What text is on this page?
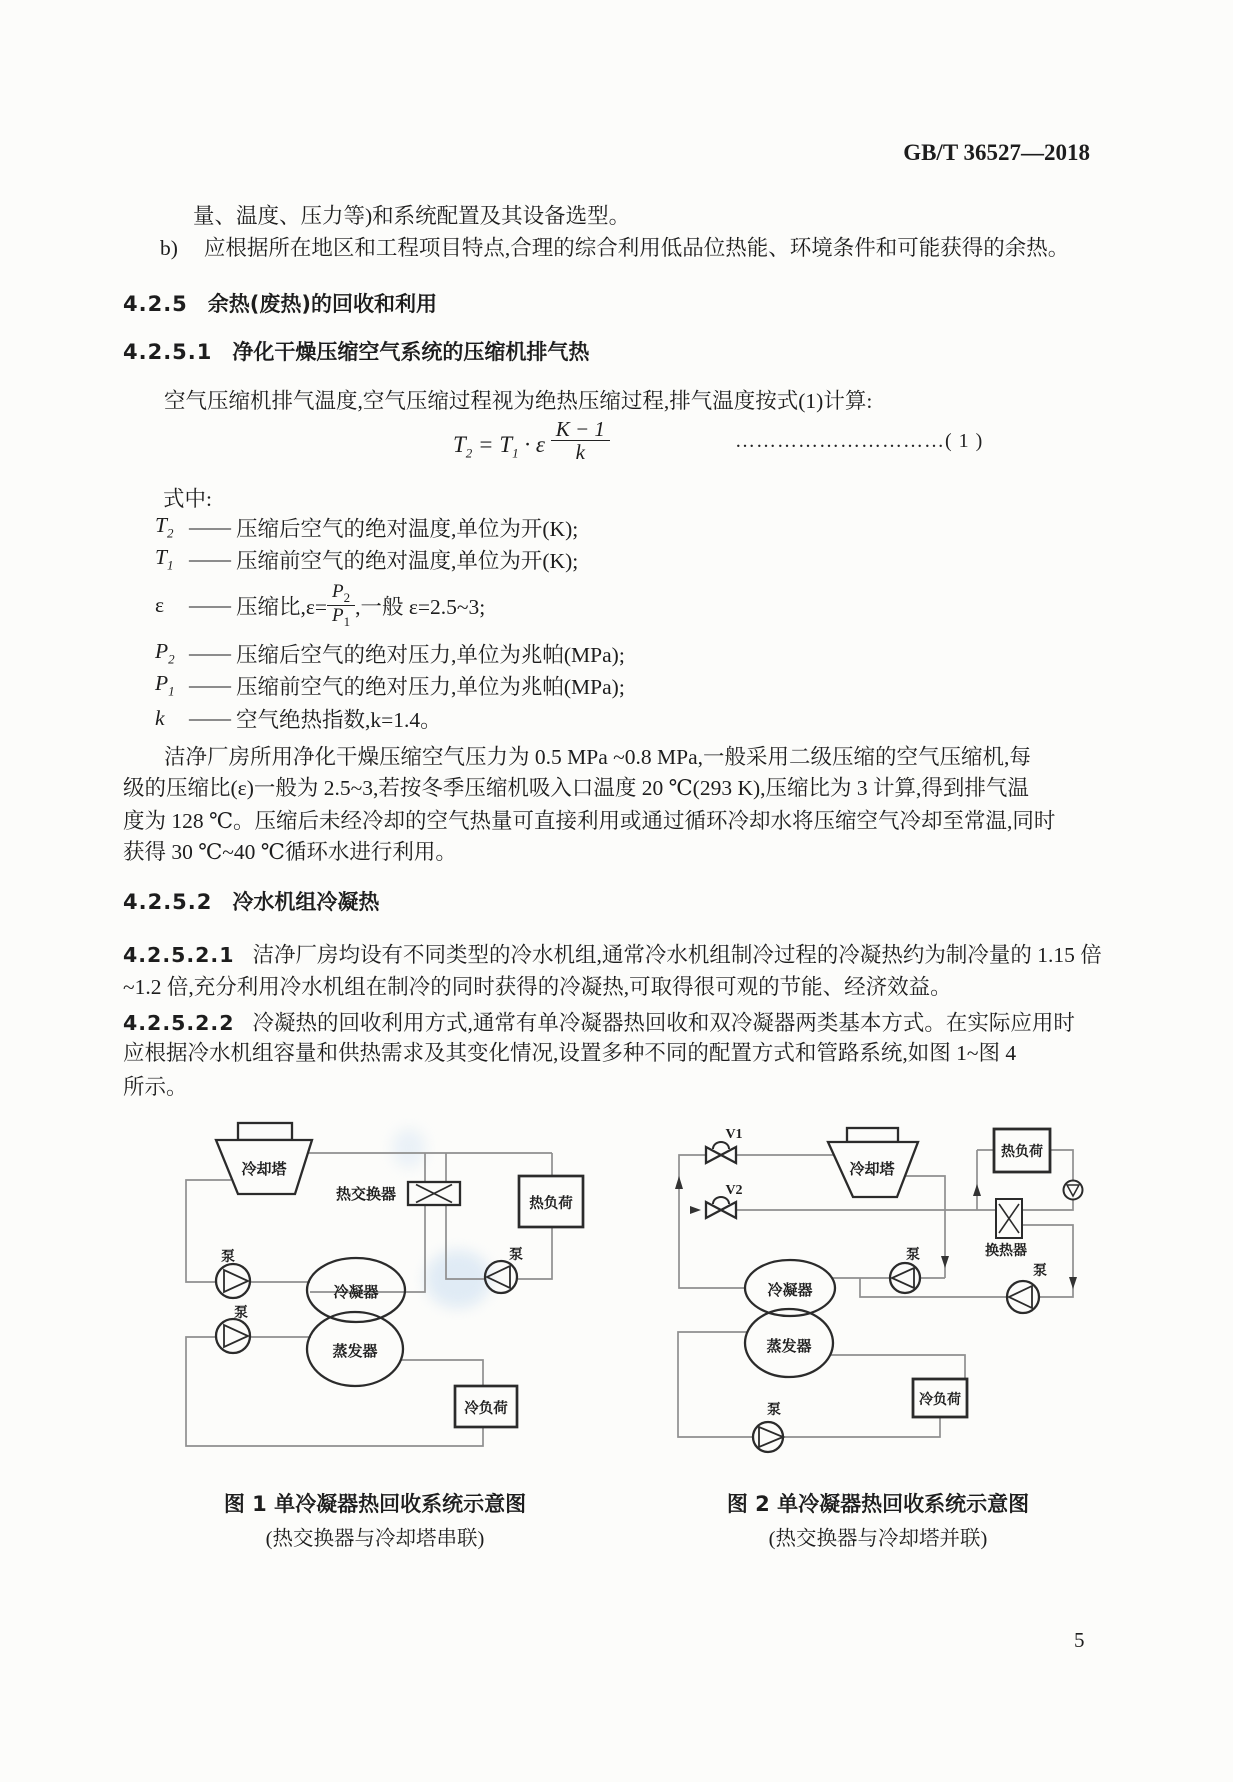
GB/T 36527—2018
量、温度、压力等)和系统配置及其设备选型。
b) 应根据所在地区和工程项目特点,合理的综合利用低品位热能、环境条件和可能获得的余热。
4.2.5 余热(废热)的回收和利用
4.2.5.1 净化干燥压缩空气系统的压缩机排气热
空气压缩机排气温度,空气压缩过程视为绝热压缩过程,排气温度按式(1)计算:
$T_2 = T_1 \cdot \varepsilon \frac{K - 1}{k}$	…………………………( 1 )
式中:
$T_2$ —— 压缩后空气的绝对温度,单位为开(K);
$T_1$ —— 压缩前空气的绝对温度,单位为开(K);
ε	—— 压缩比$,\varepsilon= \frac{P_2}{P_1}$ ,一般 ε=2.5~3;
$P_2$ —— 压缩后空气的绝对压力,单位为兆帕(MPa);
$P_1$ —— 压缩前空气的绝对压力,单位为兆帕(MPa);
k	—— 空气绝热指数,k=1.4。
洁净厂房所用净化干燥压缩空气压力为 0.5 MPa ~0.8 MPa,一般采用二级压缩的空气压缩机,每
级的压缩比(ε)一般为 2.5~3,若按冬季压缩机吸入口温度 20 ℃(293 K),压缩比为 3 计算,得到排气温
度为 128 ℃。压缩后未经冷却的空气热量可直接利用或通过循环冷却水将压缩空气冷却至常温,同时
获得 30 ℃~40 ℃循环水进行利用。
4.2.5.2 冷水机组冷凝热
4.2.5.2.1 洁净厂房均设有不同类型的冷水机组,通常冷水机组制冷过程的冷凝热约为制冷量的 1.15 倍
~1.2 倍,充分利用冷水机组在制冷的同时获得的冷凝热,可取得很可观的节能、经济效益。
4.2.5.2.2 冷凝热的回收利用方式,通常有单冷凝器热回收和双冷凝器两类基本方式。在实际应用时
应根据冷水机组容量和供热需求及其变化情况,设置多种不同的配置方式和管路系统,如图 1~图 4
所示。
冷却塔
热交换器
热负荷
泵
泵
泵
冷凝器
蒸发器
冷负荷
V1
V2
冷却塔
热负荷
换热器
泵
泵
泵
冷凝器
蒸发器
冷负荷
图 1 单冷凝器热回收系统示意图
(热交换器与冷却塔串联)
图 2 单冷凝器热回收系统示意图
(热交换器与冷却塔并联)
5
